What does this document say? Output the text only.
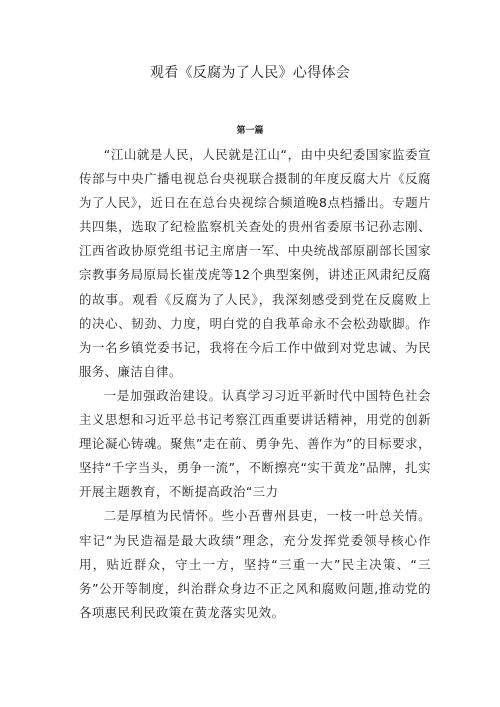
观看《反腐为了人民》心得体会
第一篇

“江山就是人民，人民就是江山“，由中央纪委国家监委宣传部与中央广播电视总台央视联合摄制的年度反腐大片《反腐为了人民》，近日在在总台央视综合频道晚8点档播出。专题片共四集，选取了纪检监察机关查处的贵州省委原书记孙志刚、江西省政协原党组书记主席唐一军、中央统战部原副部长国家宗教事务局原局长崔茂虎等12个典型案例，讲述正风肃纪反腐的故事。观看《反腐为了人民》，我深刻感受到党在反腐败上的决心、韧劲、力度，明白党的自我革命永不会松劲歇脚。作为一名乡镇党委书记，我将在今后工作中做到对党忠诚、为民服务、廉洁自律。

一是加强政治建设。认真学习习近平新时代中国特色社会主义思想和习近平总书记考察江西重要讲话精神，用党的创新理论凝心铸魂。聚焦”走在前、勇争先、善作为”的目标要求，坚持“千字当头，勇争一流”，不断擦亮“实干黄龙”品牌，扎实开展主题教育，不断提高政治“三力

二是厚植为民情怀。些小吾曹州县吏，一枝一叶总关情。牢记“为民造福是最大政绩”理念，充分发挥党委领导核心作用，贴近群众，守土一方，坚持“三重一大”民主决策、“三务”公开等制度，纠治群众身边不正之风和腐败问题,推动党的各项惠民利民政策在黄龙落实见效。
